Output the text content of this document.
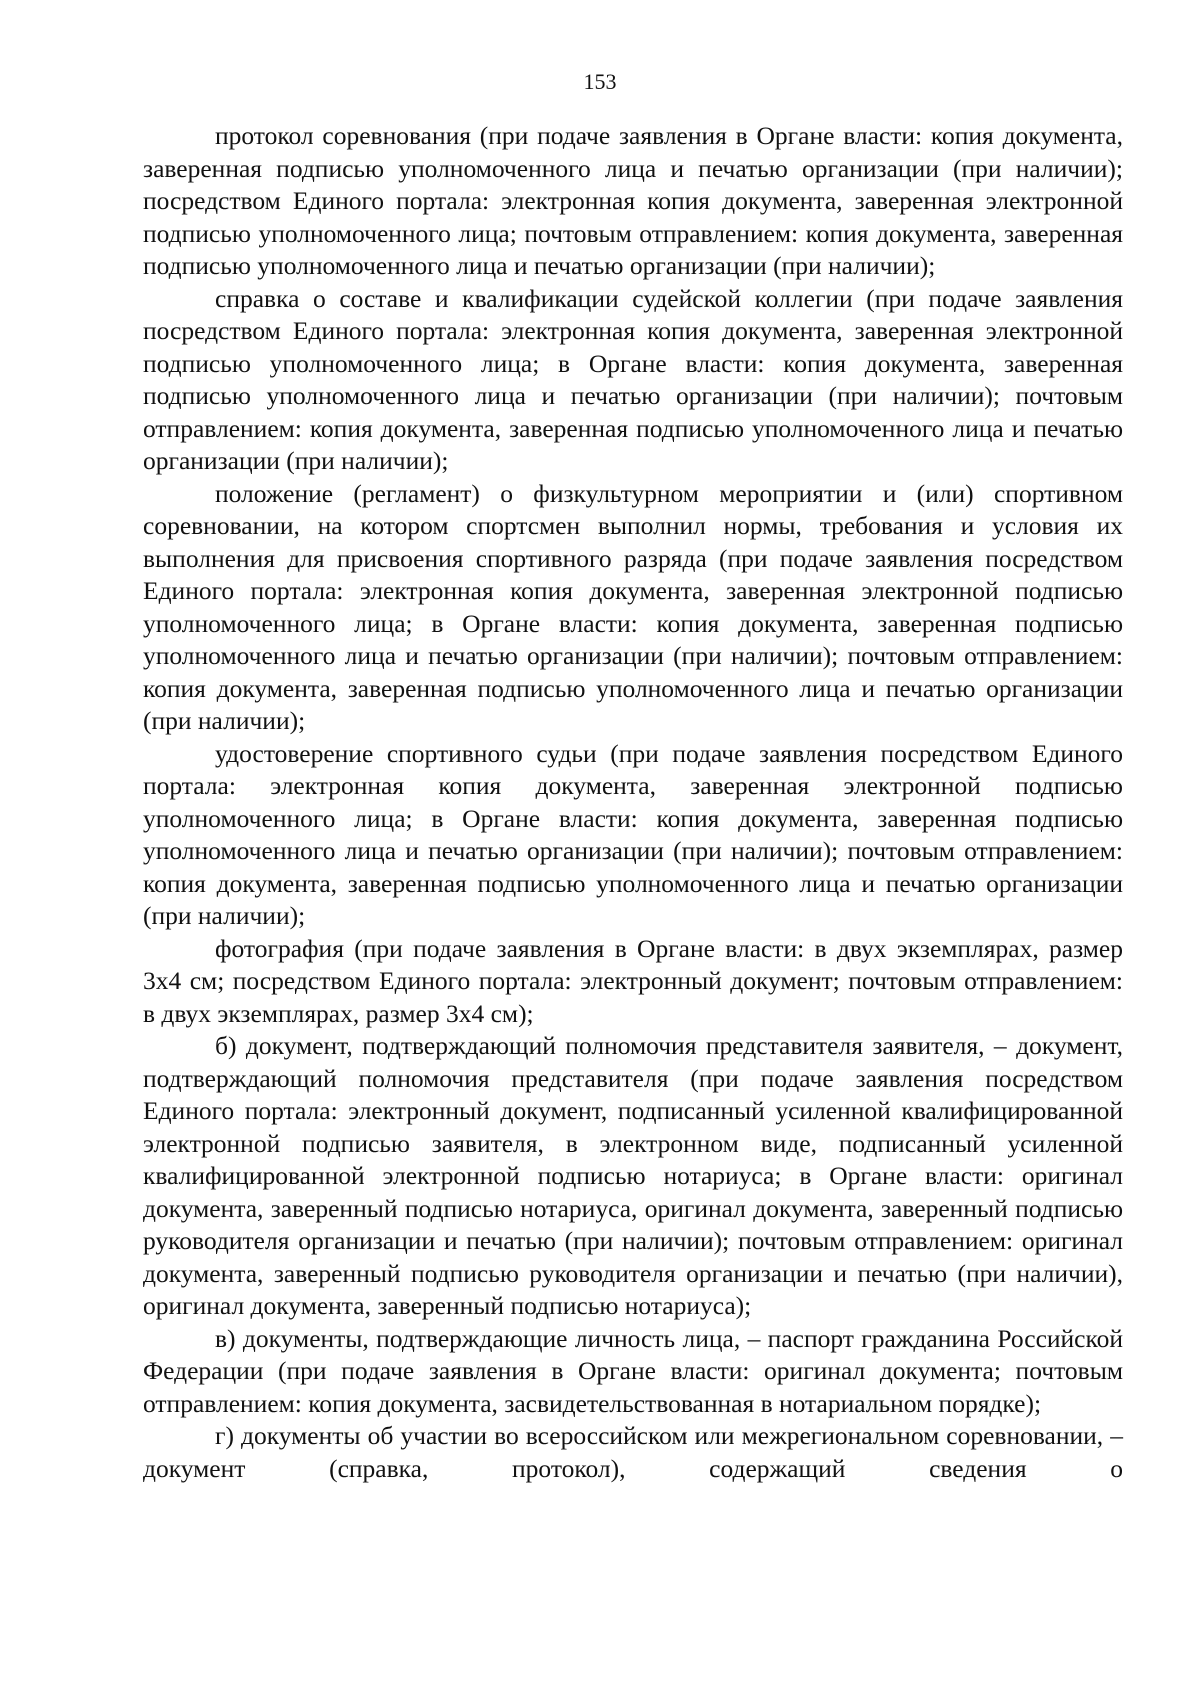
153

протокол соревнования (при подаче заявления в Органе власти: копия документа, заверенная подписью уполномоченного лица и печатью организации (при наличии); посредством Единого портала: электронная копия документа, заверенная электронной подписью уполномоченного лица; почтовым отправлением: копия документа, заверенная подписью уполномоченного лица и печатью организации (при наличии);

справка о составе и квалификации судейской коллегии (при подаче заявления посредством Единого портала: электронная копия документа, заверенная электронной подписью уполномоченного лица; в Органе власти: копия документа, заверенная подписью уполномоченного лица и печатью организации (при наличии); почтовым отправлением: копия документа, заверенная подписью уполномоченного лица и печатью организации (при наличии);

положение (регламент) о физкультурном мероприятии и (или) спортивном соревновании, на котором спортсмен выполнил нормы, требования и условия их выполнения для присвоения спортивного разряда (при подаче заявления посредством Единого портала: электронная копия документа, заверенная электронной подписью уполномоченного лица; в Органе власти: копия документа, заверенная подписью уполномоченного лица и печатью организации (при наличии); почтовым отправлением: копия документа, заверенная подписью уполномоченного лица и печатью организации (при наличии);

удостоверение спортивного судьи (при подаче заявления посредством Единого портала: электронная копия документа, заверенная электронной подписью уполномоченного лица; в Органе власти: копия документа, заверенная подписью уполномоченного лица и печатью организации (при наличии); почтовым отправлением: копия документа, заверенная подписью уполномоченного лица и печатью организации (при наличии);

фотография (при подаче заявления в Органе власти: в двух экземплярах, размер 3х4 см; посредством Единого портала: электронный документ; почтовым отправлением: в двух экземплярах, размер 3х4 см);

б) документ, подтверждающий полномочия представителя заявителя, – документ, подтверждающий полномочия представителя (при подаче заявления посредством Единого портала: электронный документ, подписанный усиленной квалифицированной электронной подписью заявителя, в электронном виде, подписанный усиленной квалифицированной электронной подписью нотариуса; в Органе власти: оригинал документа, заверенный подписью нотариуса, оригинал документа, заверенный подписью руководителя организации и печатью (при наличии); почтовым отправлением: оригинал документа, заверенный подписью руководителя организации и печатью (при наличии), оригинал документа, заверенный подписью нотариуса);

в) документы, подтверждающие личность лица, – паспорт гражданина Российской Федерации (при подаче заявления в Органе власти: оригинал документа; почтовым отправлением: копия документа, засвидетельствованная в нотариальном порядке);

г) документы об участии во всероссийском или межрегиональном соревновании, – документ (справка, протокол), содержащий сведения о
